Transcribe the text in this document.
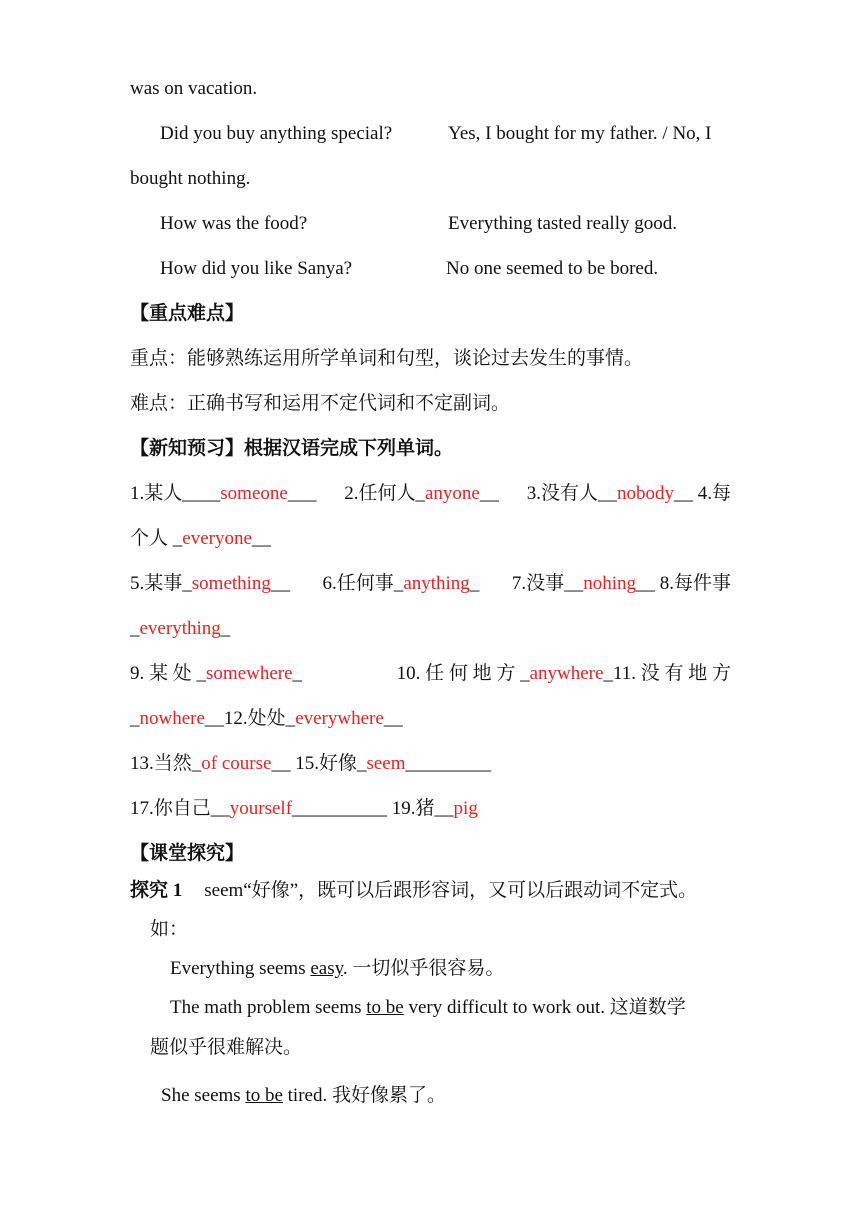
was on vacation.
Did you buy anything special?	Yes, I bought for my father. / No, I
bought nothing.
How was the food?	Everything tasted really good.
How did you like Sanya?	No one seemed to be bored.
【重点难点】
重点：能够熟练运用所学单词和句型，谈论过去发生的事情。
难点：正确书写和运用不定代词和不定副词。
【新知预习】根据汉语完成下列单词。
1.某人____someone___ 2.任何人_anyone__ 3.没有人__nobody__ 4.每
个人 _everyone__
5.某事_something__ 6.任何事_anything_ 7.没事__nohing__ 8.每件事
_everything_
9. 某 处 _somewhere_	10. 任 何 地 方 _anywhere_11. 没 有 地 方
_nowhere__12.处处_everywhere__
13.当然_of course__ 15.好像_seem_________
17.你自己__yourself__________ 19.猪__pig
【课堂探究】
探究 1 seem“好像”，既可以后跟形容词，又可以后跟动词不定式。
如：
Everything seems easy. 一切似乎很容易。
The math problem seems to be very difficult to work out. 这道数学
题似乎很难解决。
She seems to be tired. 我好像累了。
